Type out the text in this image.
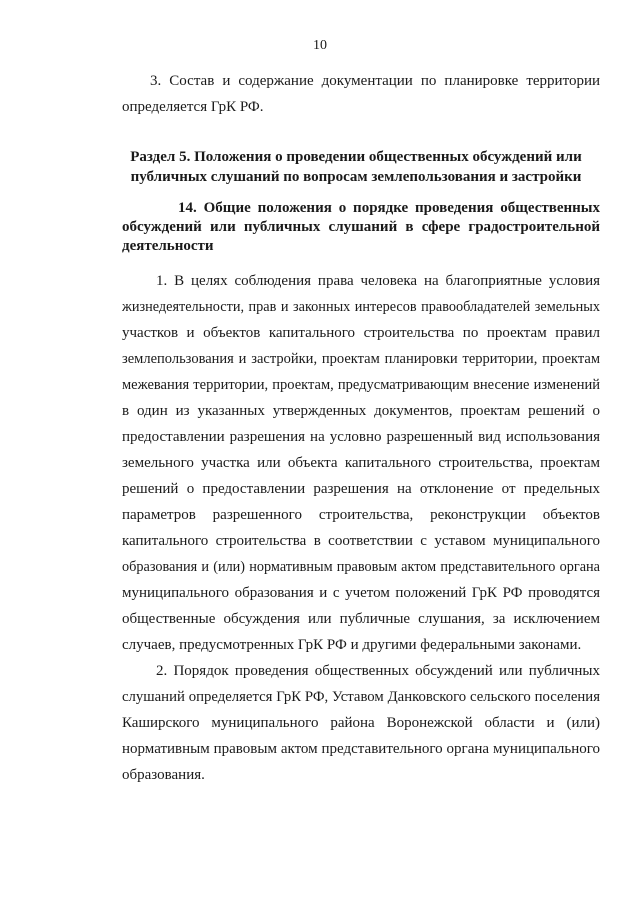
10
3. Состав и содержание документации по планировке территории
определяется ГрК РФ.
Раздел 5. Положения о проведении общественных обсуждений или
публичных слушаний по вопросам землепользования и застройки
14. Общие положения о порядке проведения общественных
обсуждений или публичных слушаний в сфере градостроительной
деятельности
1. В целях соблюдения права человека на благоприятные условия
жизнедеятельности, прав и законных интересов правообладателей земельных
участков и объектов капитального строительства по проектам правил
землепользования и застройки, проектам планировки территории, проектам
межевания территории, проектам, предусматривающим внесение изменений
в один из указанных утвержденных документов, проектам решений о
предоставлении разрешения на условно разрешенный вид использования
земельного участка или объекта капитального строительства, проектам
решений о предоставлении разрешения на отклонение от предельных
параметров разрешенного строительства, реконструкции объектов
капитального строительства в соответствии с уставом муниципального
образования и (или) нормативным правовым актом представительного органа
муниципального образования и с учетом положений ГрК РФ проводятся
общественные обсуждения или публичные слушания, за исключением
случаев, предусмотренных ГрК РФ и другими федеральными законами.
2. Порядок проведения общественных обсуждений или публичных
слушаний определяется ГрК РФ, Уставом Данковского сельского поселения
Каширского муниципального района Воронежской области и (или)
нормативным правовым актом представительного органа муниципального
образования.
